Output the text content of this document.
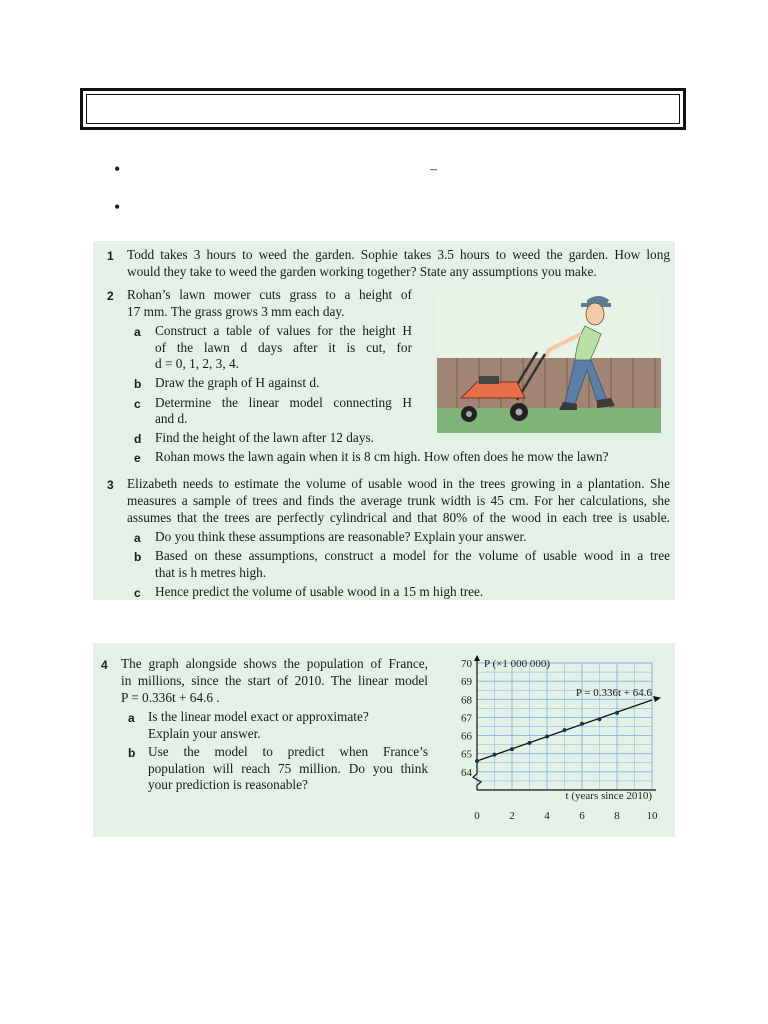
•	–
•
1 Todd takes 3 hours to weed the garden. Sophie takes 3.5 hours to weed the garden. How long
would they take to weed the garden working together? State any assumptions you make.
2 Rohan’s lawn mower cuts grass to a height of
17 mm. The grass grows 3 mm each day.
a Construct a table of values for the height H
of the lawn d days after it is cut, for
d = 0, 1, 2, 3, 4.
b Draw the graph of H against d.
c Determine the linear model connecting H
and d.
d Find the height of the lawn after 12 days.
e Rohan mows the lawn again when it is 8 cm high. How often does he mow the lawn?
3 Elizabeth needs to estimate the volume of usable wood in the trees growing in a plantation. She
measures a sample of trees and finds the average trunk width is 45 cm. For her calculations, she
assumes that the trees are perfectly cylindrical and that 80% of the wood in each tree is usable.
a Do you think these assumptions are reasonable? Explain your answer.
b Based on these assumptions, construct a model for the volume of usable wood in a tree
that is h metres high.
c Hence predict the volume of usable wood in a 15 m high tree.
4 The graph alongside shows the population of France,
in millions, since the start of 2010. The linear model
P = 0.336t + 64.6 .
a Is the linear model exact or approximate?
Explain your answer.
b Use the model to predict when France’s
population will reach 75 million. Do you think
your prediction is reasonable?
0	2	4	6	8 10
64
65
66
67
68
69
70 P (×1 000 000)
t (years since 2010)
P = 0.336t + 64.6
